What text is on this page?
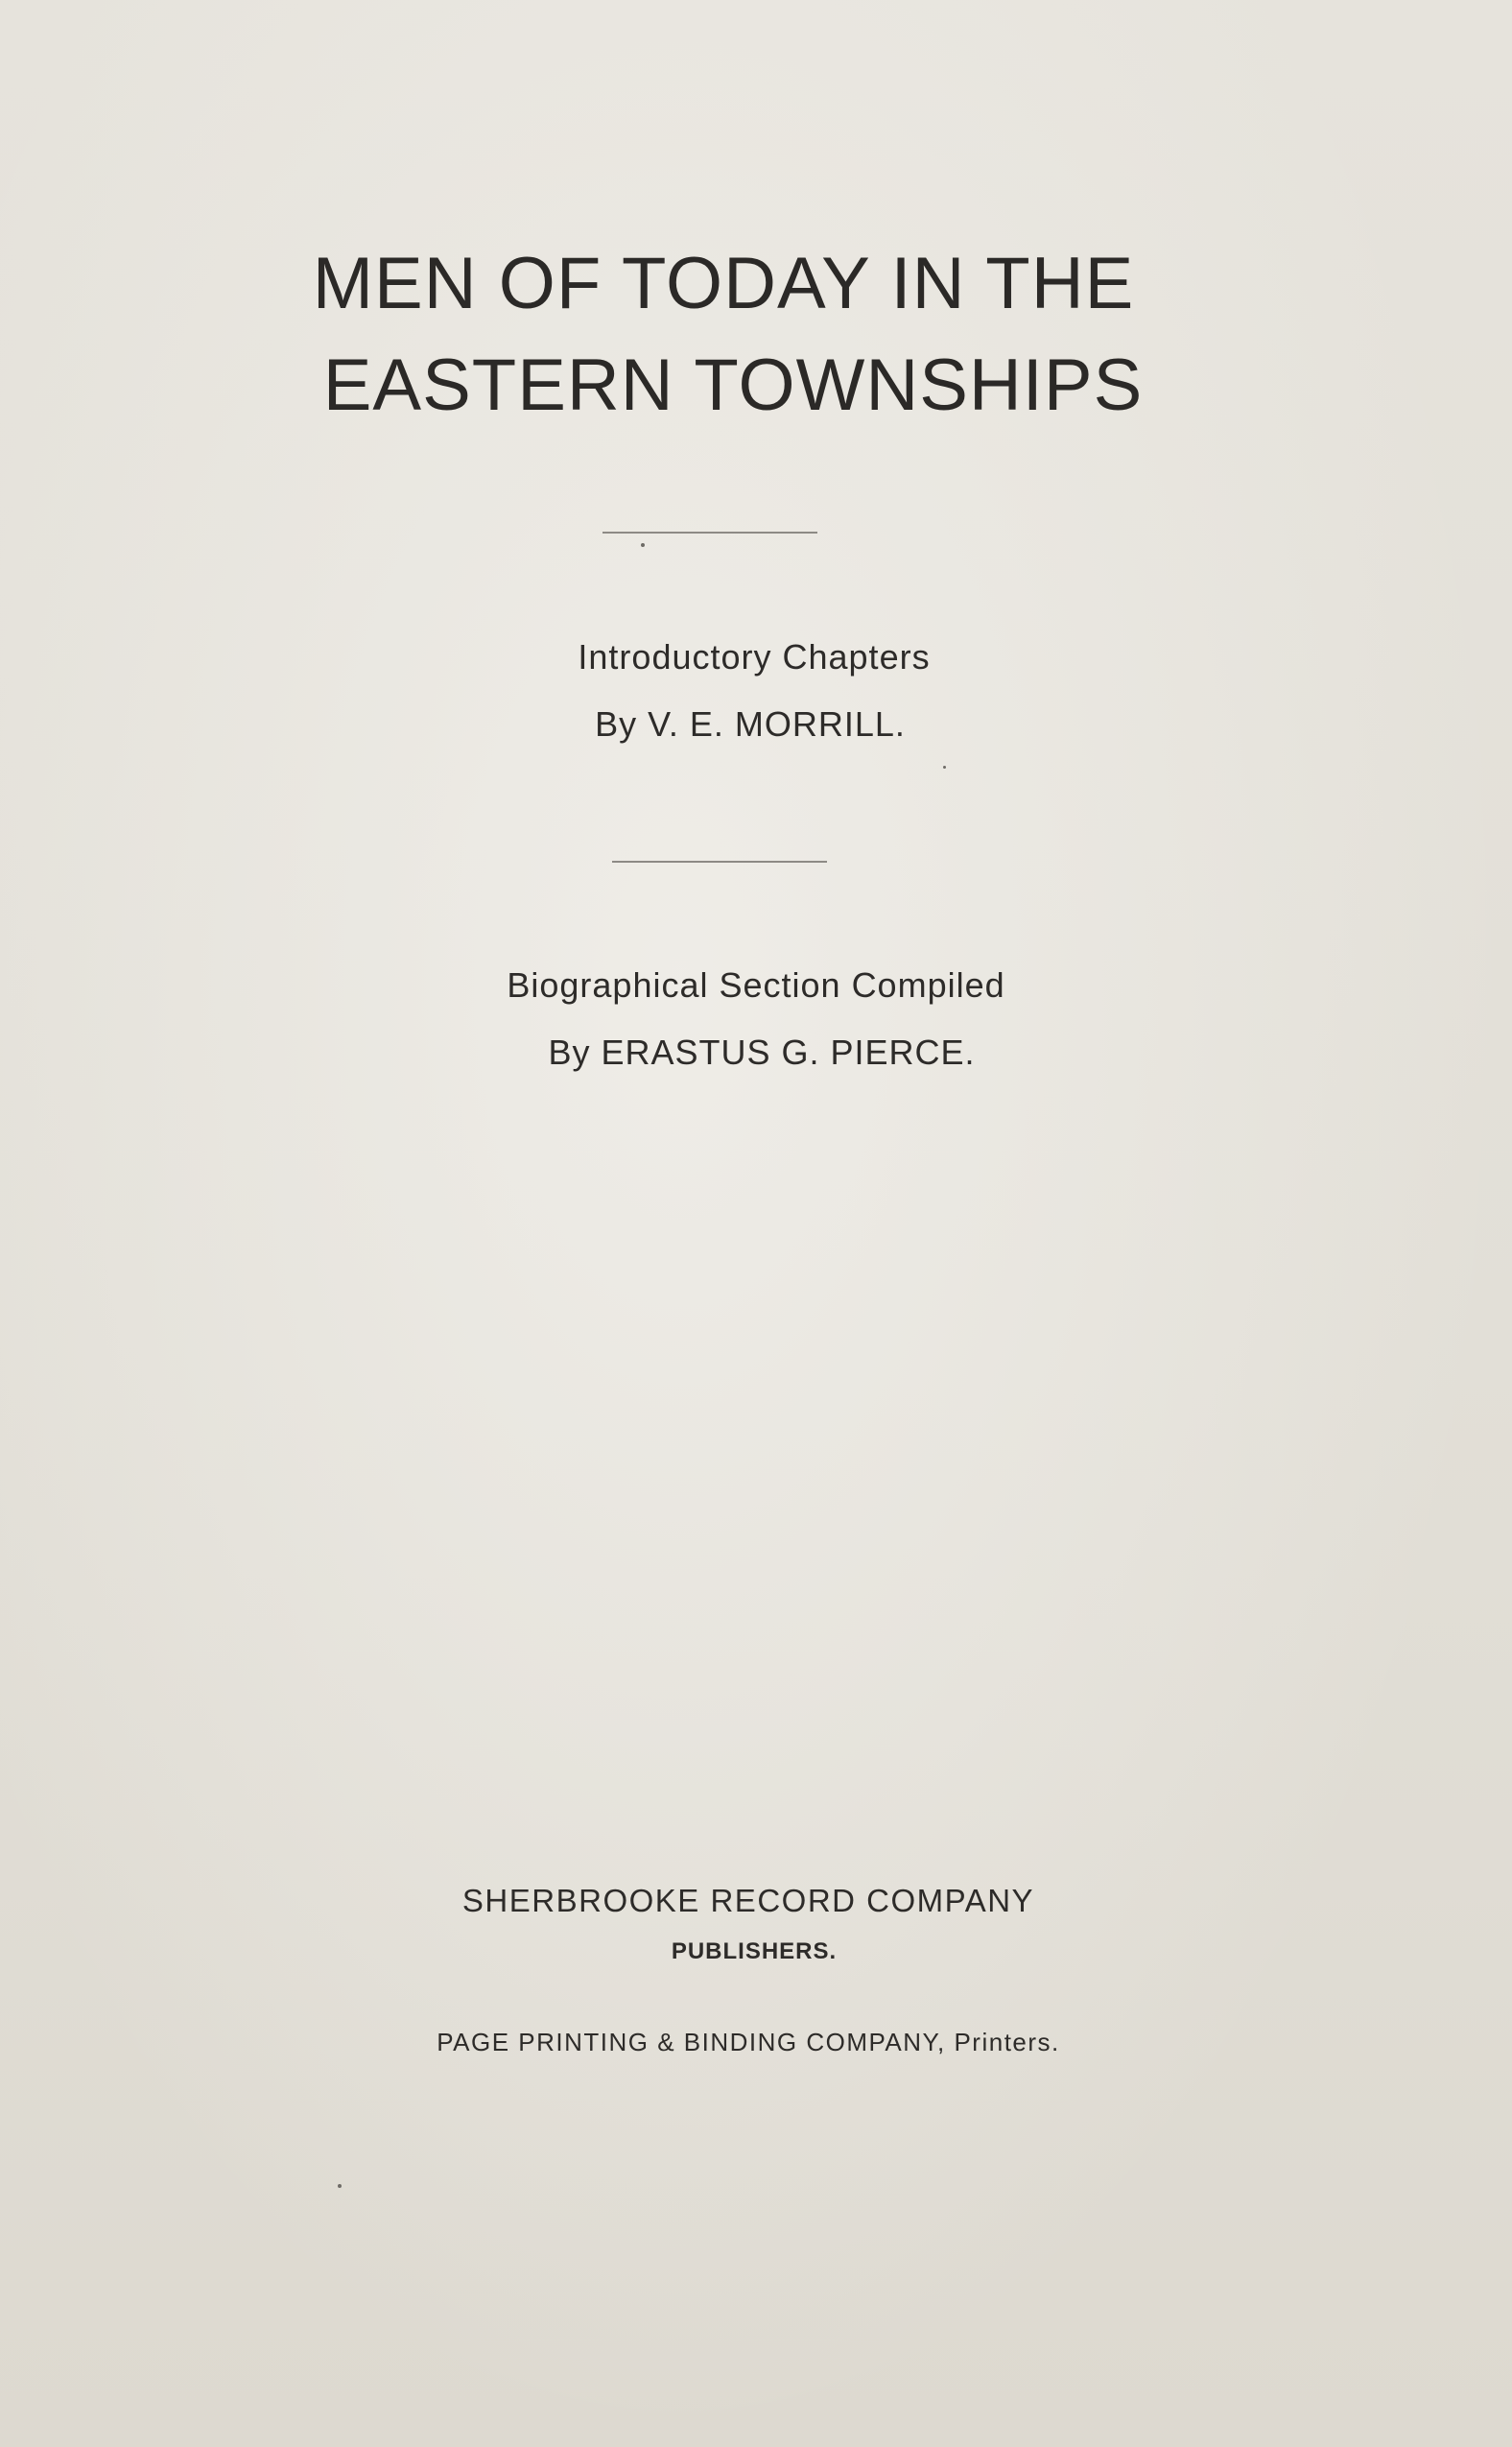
MEN OF TODAY IN THE
EASTERN TOWNSHIPS

Introductory Chapters

By V. E. MORRILL.

Biographical Section Compiled

By ERASTUS G. PIERCE.

SHERBROOKE RECORD COMPANY

PUBLISHERS.

PAGE PRINTING & BINDING COMPANY, Printers.
